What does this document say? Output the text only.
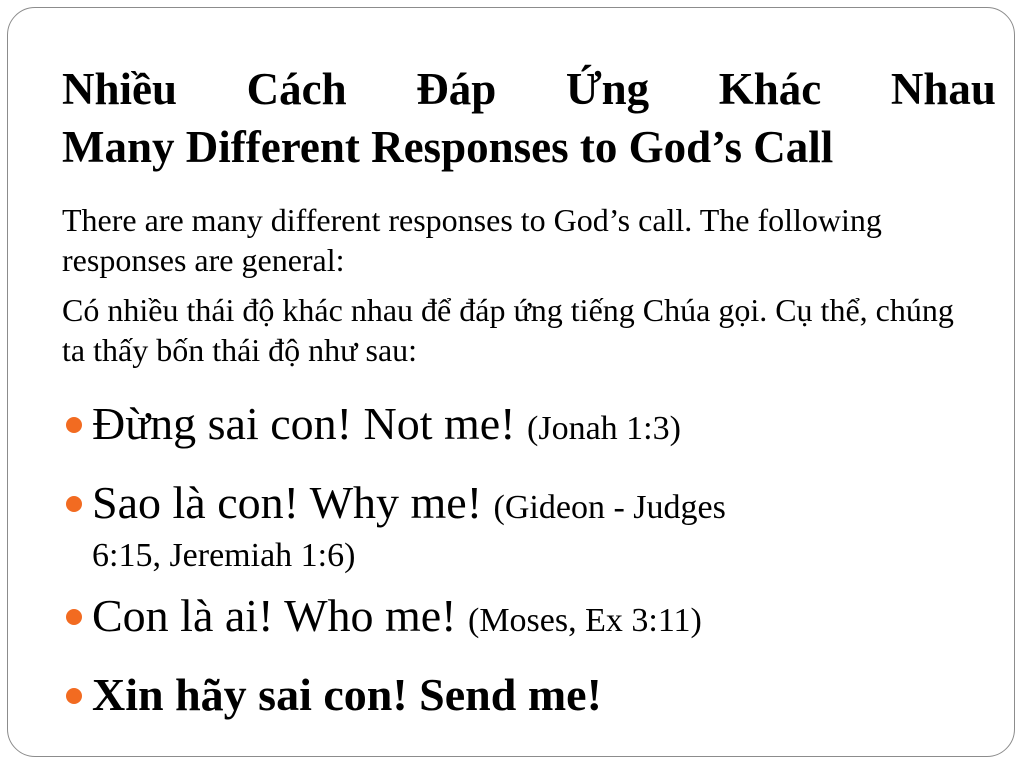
Nhiều Cách Đáp Ứng Khác Nhau
Many Different Responses to God’s Call

There are many different responses to God’s call. The following responses are general:

Có nhiều thái độ khác nhau để đáp ứng tiếng Chúa gọi. Cụ thể, chúng ta thấy bốn thái độ như sau:

Đừng sai con! Not me! (Jonah 1:3)
Sao là con! Why me! (Gideon - Judges
6:15, Jeremiah 1:6)
Con là ai! Who me! (Moses, Ex 3:11)
Xin hãy sai con! Send me!
